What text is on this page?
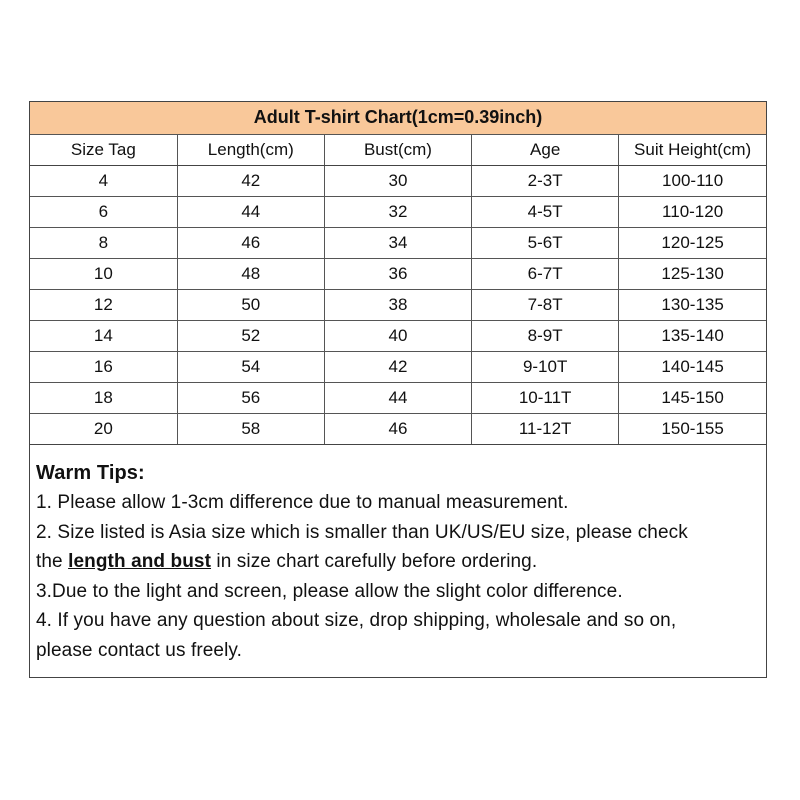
Adult T-shirt Chart(1cm=0.39inch)				
Size Tag	Length(cm)	Bust(cm)	Age	Suit Height(cm)
4	42	30	2-3T	100-110
6	44	32	4-5T	110-120
8	46	34	5-6T	120-125
10	48	36	6-7T	125-130
12	50	38	7-8T	130-135
14	52	40	8-9T	135-140
16	54	42	9-10T	140-145
18	56	44	10-11T	145-150
20	58	46	11-12T	150-155
Warm Tips:
1. Please allow 1-3cm difference due to manual measurement.
2. Size listed is Asia size which is smaller than UK/US/EU size, please check
the length and bust in size chart carefully before ordering.
3.Due to the light and screen, please allow the slight color difference.
4. If you have any question about size, drop shipping, wholesale and so on,
please contact us freely.
